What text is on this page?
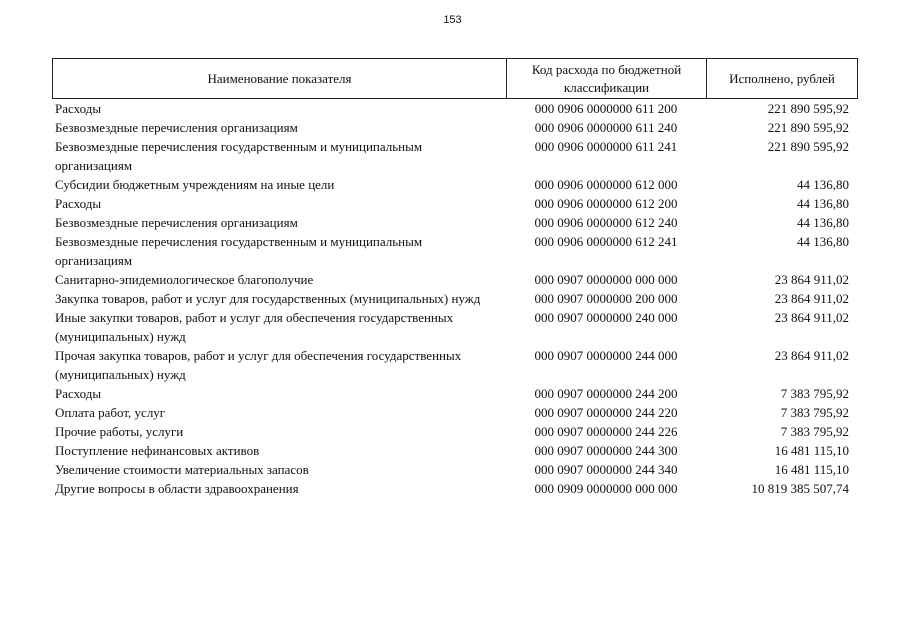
153
Наименование показателя	Код расхода по бюджетной классификации	Исполнено, рублей
Расходы	000 0906 0000000 611 200	221 890 595,92
Безвозмездные перечисления организациям	000 0906 0000000 611 240	221 890 595,92
Безвозмездные перечисления государственным и муниципальным организациям	000 0906 0000000 611 241	221 890 595,92
Субсидии бюджетным учреждениям на иные цели	000 0906 0000000 612 000	44 136,80
Расходы	000 0906 0000000 612 200	44 136,80
Безвозмездные перечисления организациям	000 0906 0000000 612 240	44 136,80
Безвозмездные перечисления государственным и муниципальным организациям	000 0906 0000000 612 241	44 136,80
Санитарно-эпидемиологическое благополучие	000 0907 0000000 000 000	23 864 911,02
Закупка товаров, работ и услуг для государственных (муниципальных) нужд	000 0907 0000000 200 000	23 864 911,02
Иные закупки товаров, работ и услуг для обеспечения государственных (муниципальных) нужд	000 0907 0000000 240 000	23 864 911,02
Прочая закупка товаров, работ и услуг для обеспечения государственных (муниципальных) нужд	000 0907 0000000 244 000	23 864 911,02
Расходы	000 0907 0000000 244 200	7 383 795,92
Оплата работ, услуг	000 0907 0000000 244 220	7 383 795,92
Прочие работы, услуги	000 0907 0000000 244 226	7 383 795,92
Поступление нефинансовых активов	000 0907 0000000 244 300	16 481 115,10
Увеличение стоимости материальных запасов	000 0907 0000000 244 340	16 481 115,10
Другие вопросы в области здравоохранения	000 0909 0000000 000 000	10 819 385 507,74
